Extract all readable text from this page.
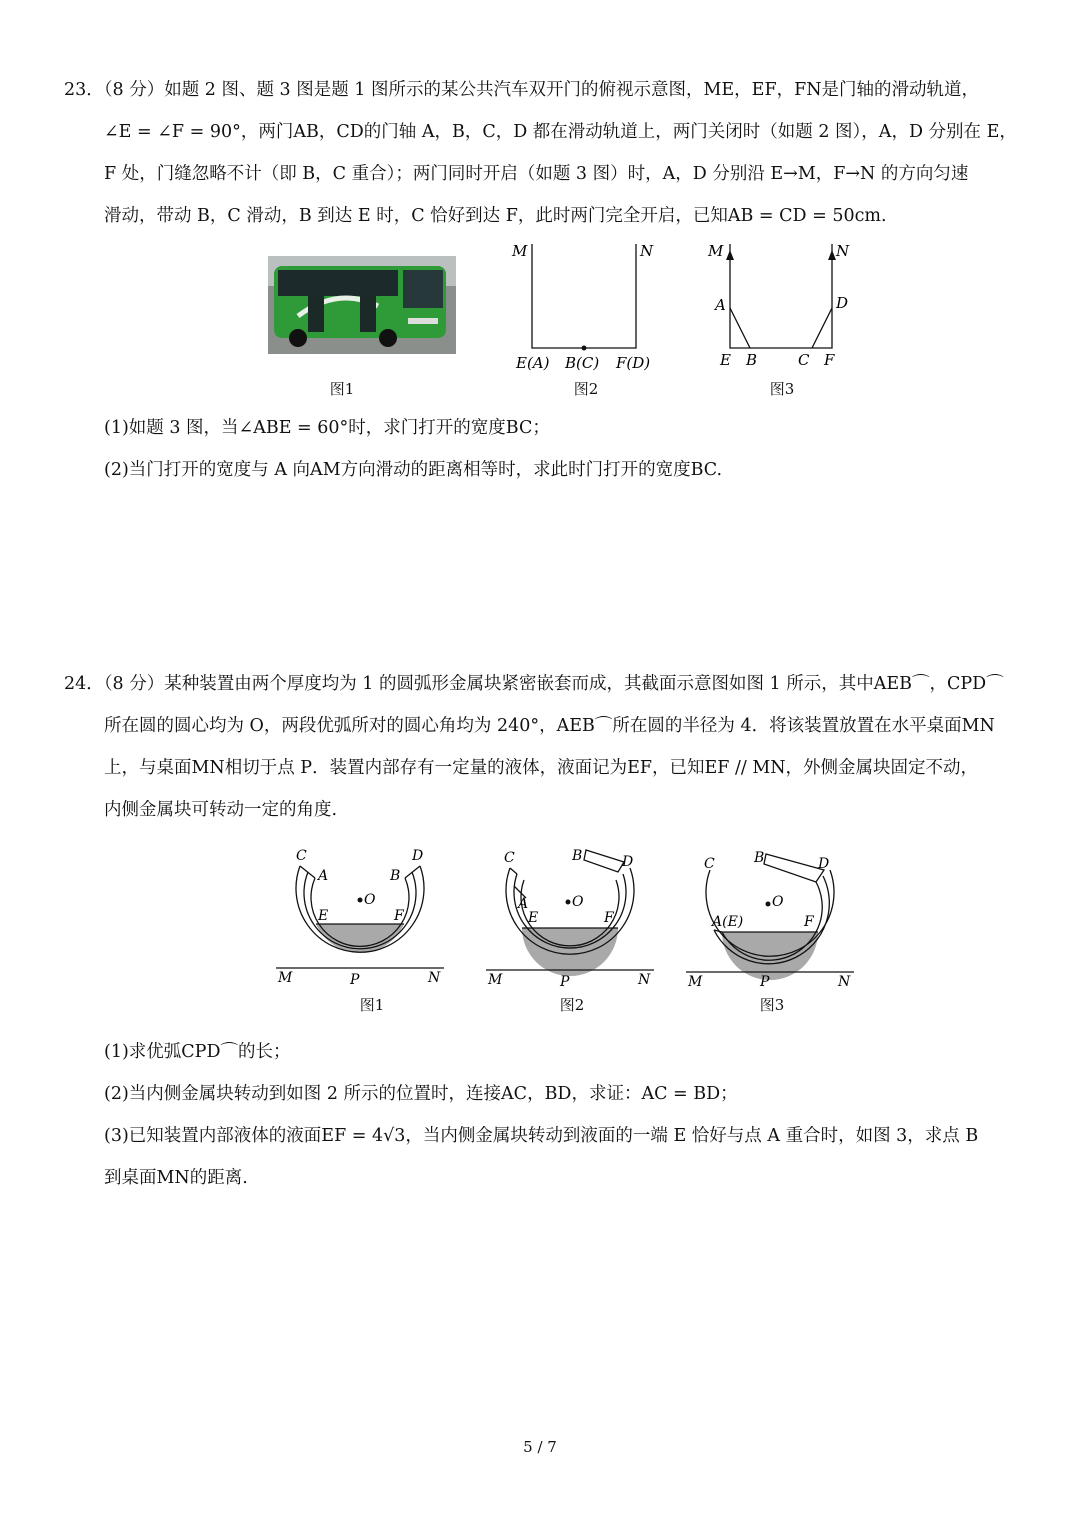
23．（8 分）如题 2 图、题 3 图是题 1 图所示的某公共汽车双开门的俯视示意图，ME，EF，FN是门轴的滑动轨道，
∠E = ∠F = 90°，两门AB，CD的门轴 A，B，C，D 都在滑动轨道上，两门关闭时（如题 2 图），A，D 分别在 E，
F 处，门缝忽略不计（即 B，C 重合）；两门同时开启（如题 3 图）时，A，D 分别沿 E→M，F→N 的方向匀速
滑动，带动 B，C 滑动，B 到达 E 时，C 恰好到达 F，此时两门完全开启，已知AB = CD = 50cm.
图1
M	N
E(A) B(C) F(D)
图2
M	N
A	D
E B	C F
图3
(1)如题 3 图，当∠ABE = 60°时，求门打开的宽度BC；
(2)当门打开的宽度与 A 向AM方向滑动的距离相等时，求此时门打开的宽度BC.
24．（8 分）某种装置由两个厚度均为 1 的圆弧形金属块紧密嵌套而成，其截面示意图如图 1 所示，其中AEB⌒，CPD⌒
所在圆的圆心均为 O，两段优弧所对的圆心角均为 240°，AEB⌒所在圆的半径为 4．将该装置放置在水平桌面MN
上，与桌面MN相切于点 P．装置内部存有一定量的液体，液面记为EF，已知EF // MN，外侧金属块固定不动，
内侧金属块可转动一定的角度.
C	D
A	B
O
E	F
M	P	N
图1
C	D
A
B
O
E	F
M	P	N
图2
C	D
B
O
A(E)	F
M	P	N
图3
(1)求优弧CPD⌒的长；
(2)当内侧金属块转动到如图 2 所示的位置时，连接AC，BD，求证：AC = BD；
(3)已知装置内部液体的液面EF = 4√3，当内侧金属块转动到液面的一端 E 恰好与点 A 重合时，如图 3，求点 B
到桌面MN的距离.
5 / 7
